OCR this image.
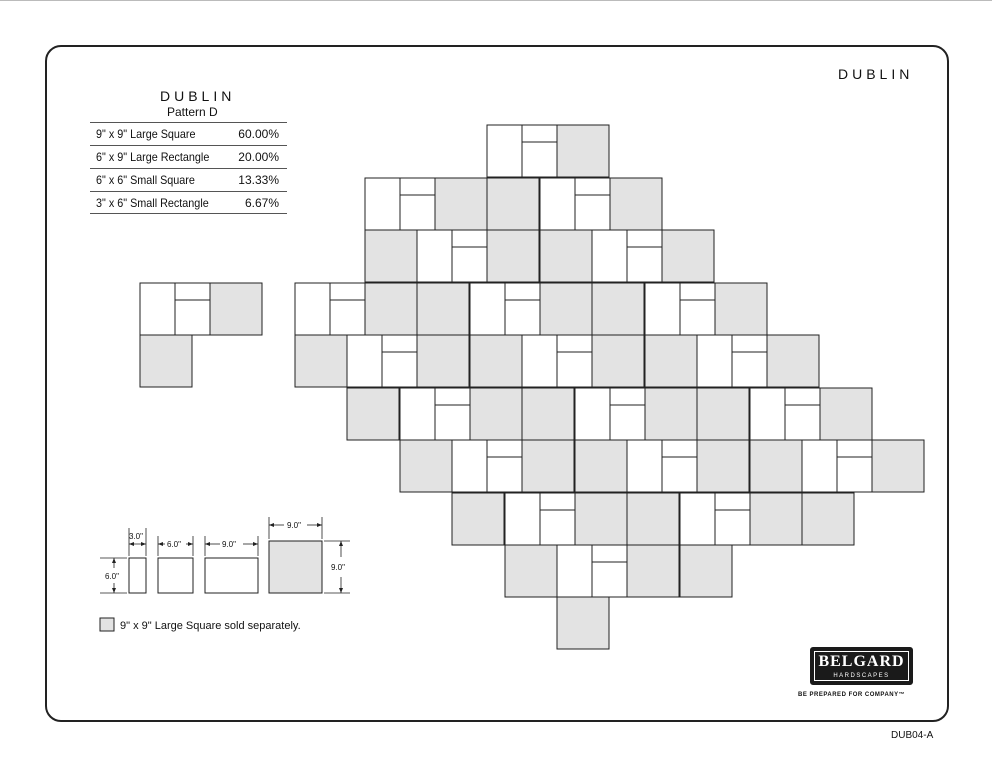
DUBLIN
DUBLIN
Pattern D
9" x 9" Large Square	60.00%
6" x 9" Large Rectangle	20.00%
6" x 6" Small Square	13.33%
3" x 6" Small Rectangle	6.67%
3.0"
6.0"	9.0"
9.0"
6.0"
9.0"
9" x 9" Large Square sold separately.
BELGARD
HARDSCAPES
BE PREPARED FOR COMPANY™
DUB04-A
